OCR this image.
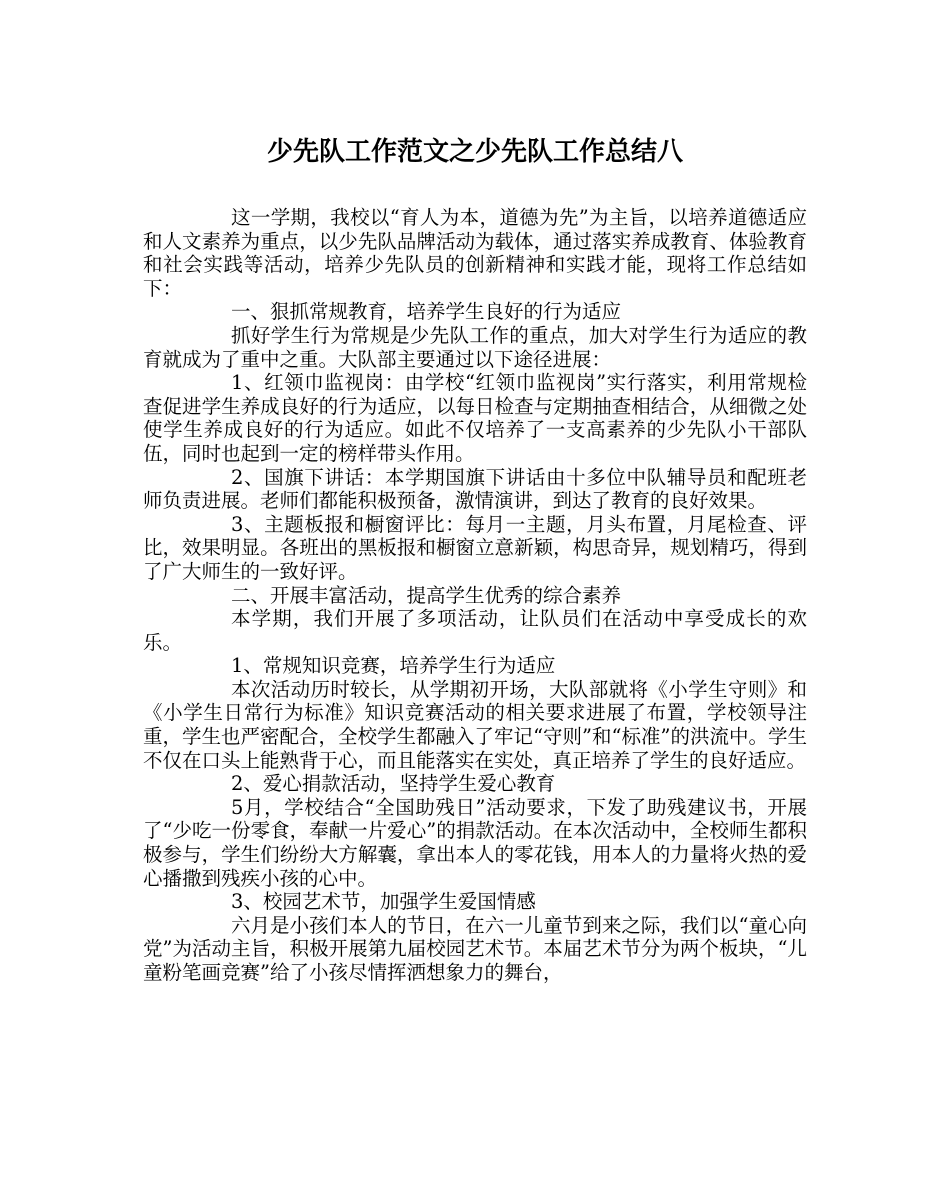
少先队工作范文之少先队工作总结八

这一学期，我校以“育人为本，道德为先”为主旨，以培养道德适应和人文素养为重点，以少先队品牌活动为载体，通过落实养成教育、体验教育和社会实践等活动，培养少先队员的创新精神和实践才能，现将工作总结如下：

一、狠抓常规教育，培养学生良好的行为适应

抓好学生行为常规是少先队工作的重点，加大对学生行为适应的教育就成为了重中之重。大队部主要通过以下途径进展：

1、红领巾监视岗：由学校“红领巾监视岗”实行落实，利用常规检查促进学生养成良好的行为适应，以每日检查与定期抽查相结合，从细微之处使学生养成良好的行为适应。如此不仅培养了一支高素养的少先队小干部队伍，同时也起到一定的榜样带头作用。

2、国旗下讲话：本学期国旗下讲话由十多位中队辅导员和配班老师负责进展。老师们都能积极预备，激情演讲，到达了教育的良好效果。

3、主题板报和橱窗评比：每月一主题，月头布置，月尾检查、评比，效果明显。各班出的黑板报和橱窗立意新颖，构思奇异，规划精巧，得到了广大师生的一致好评。

二、开展丰富活动，提高学生优秀的综合素养

本学期，我们开展了多项活动，让队员们在活动中享受成长的欢乐。

1、常规知识竞赛，培养学生行为适应

本次活动历时较长，从学期初开场，大队部就将《小学生守则》和《小学生日常行为标准》知识竞赛活动的相关要求进展了布置，学校领导注重，学生也严密配合，全校学生都融入了牢记“守则”和“标准”的洪流中。学生不仅在口头上能熟背于心，而且能落实在实处，真正培养了学生的良好适应。

2、爱心捐款活动，坚持学生爱心教育

5月，学校结合“全国助残日”活动要求，下发了助残建议书，开展了“少吃一份零食，奉献一片爱心”的捐款活动。在本次活动中，全校师生都积极参与，学生们纷纷大方解囊，拿出本人的零花钱，用本人的力量将火热的爱心播撒到残疾小孩的心中。

3、校园艺术节，加强学生爱国情感

六月是小孩们本人的节日，在六一儿童节到来之际，我们以“童心向党”为活动主旨，积极开展第九届校园艺术节。本届艺术节分为两个板块，“儿童粉笔画竞赛”给了小孩尽情挥洒想象力的舞台，
